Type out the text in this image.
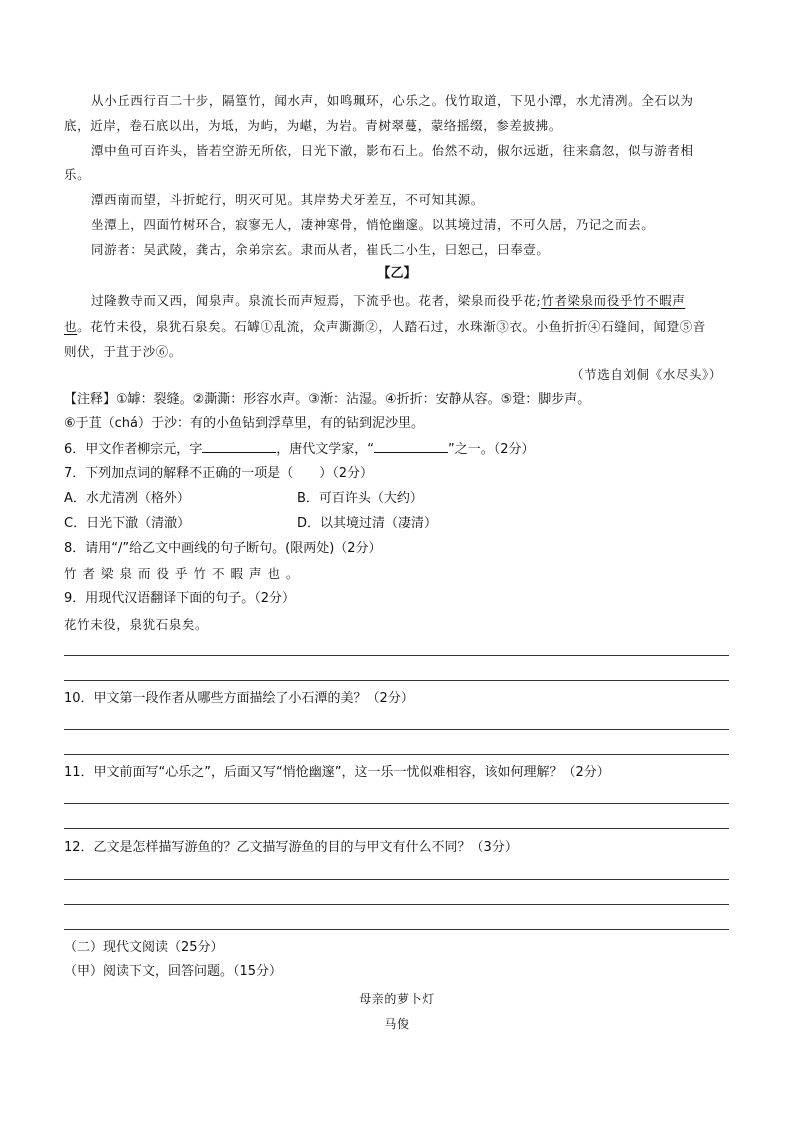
从小丘西行百二十步，隔篁竹，闻水声，如鸣珮环，心乐之。伐竹取道，下见小潭，水尤清冽。全石以为
底，近岸，卷石底以出，为坻，为屿，为嵁，为岩。青树翠蔓，蒙络摇缀，参差披拂。
潭中鱼可百许头，皆若空游无所依，日光下澈，影布石上。佁然不动，俶尔远逝，往来翕忽，似与游者相
乐。
潭西南而望，斗折蛇行，明灭可见。其岸势犬牙差互，不可知其源。
坐潭上，四面竹树环合，寂寥无人，凄神寒骨，悄怆幽邃。以其境过清，不可久居，乃记之而去。
同游者：吴武陵，龚古，余弟宗玄。隶而从者，崔氏二小生，曰恕己，曰奉壹。
【乙】
过隆教寺而又西，闻泉声。泉流长而声短焉，下流乎也。花者，梁泉而役乎花;竹者梁泉而役乎竹不暇声
也。花竹未役，泉犹石泉矣。石罅①乱流，众声澌澌②，人踏石过，水珠渐③衣。小鱼折折④石缝间，闻跫⑤音
则伏，于苴于沙⑥。
（节选自刘侗《水尽头》）
【注释】①罅：裂缝。②澌澌：形容水声。③渐：沾湿。④折折：安静从容。⑤跫：脚步声。
⑥于苴（chá）于沙：有的小鱼钻到浮草里，有的钻到泥沙里。
6．甲文作者柳宗元，字	，唐代文学家，“	”之一。（2分）
7．下列加点词的解释不正确的一项是（　　）（2分）
A．水尤清冽（格外）	B．可百许头（大约）
C．日光下澈（清澈）	D．以其境过清（凄清）
8．请用“/”给乙文中画线的句子断句。(限两处)（2分）
竹者梁泉而役乎竹不暇声也。
9．用现代汉语翻译下面的句子。（2分）
花竹未役，泉犹石泉矣。
10．甲文第一段作者从哪些方面描绘了小石潭的美？（2分）
11．甲文前面写“心乐之”，后面又写“悄怆幽邃”，这一乐一忧似难相容，该如何理解？（2分）
12．乙文是怎样描写游鱼的？乙文描写游鱼的目的与甲文有什么不同？（3分）
（二）现代文阅读（25分）
（甲）阅读下文，回答问题。（15分）
母亲的萝卜灯
马俊
